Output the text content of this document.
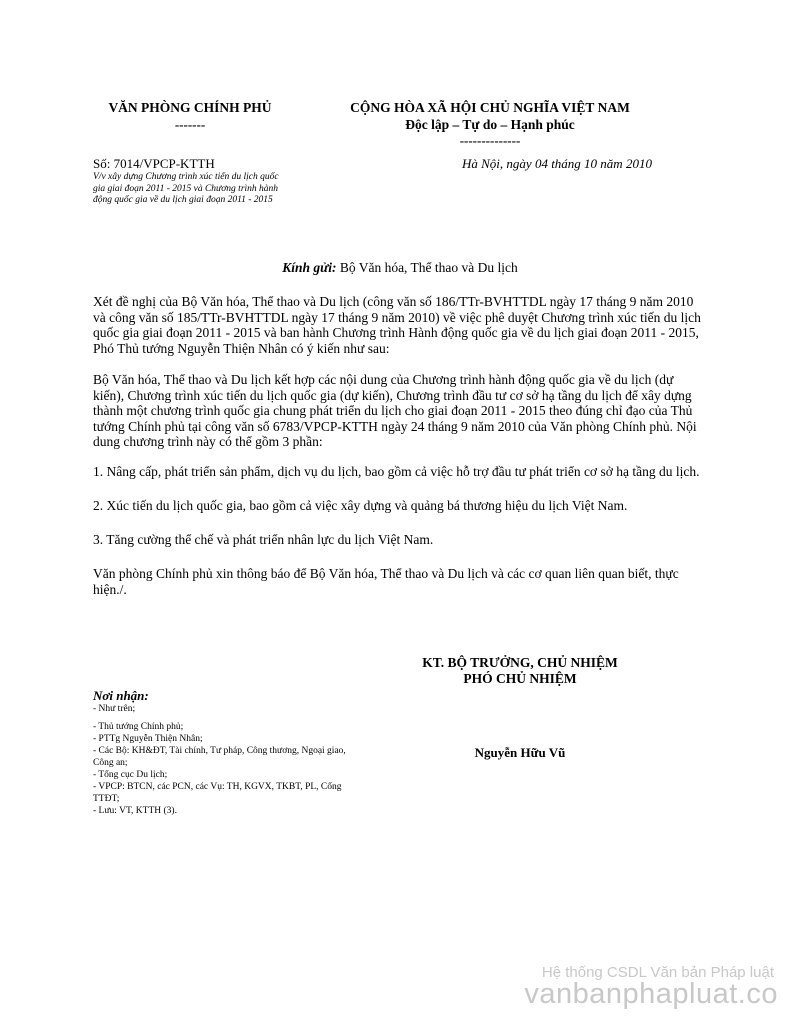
VĂN PHÒNG CHÍNH PHỦ
-------
CỘNG HÒA XÃ HỘI CHỦ NGHĨA VIỆT NAM
Độc lập – Tự do – Hạnh phúc
--------------
Số: 7014/VPCP-KTTH
V/v xây dựng Chương trình xúc tiến du lịch quốc gia giai đoạn 2011 - 2015 và Chương trình hành động quốc gia về du lịch giai đoạn 2011 - 2015
Hà Nội, ngày 04 tháng 10 năm 2010
Kính gửi: Bộ Văn hóa, Thể thao và Du lịch
Xét đề nghị của Bộ Văn hóa, Thể thao và Du lịch (công văn số 186/TTr-BVHTTDL ngày 17 tháng 9 năm 2010 và công văn số 185/TTr-BVHTTDL ngày 17 tháng 9 năm 2010) về việc phê duyệt Chương trình xúc tiến du lịch quốc gia giai đoạn 2011 - 2015 và ban hành Chương trình Hành động quốc gia về du lịch giai đoạn 2011 - 2015, Phó Thủ tướng Nguyễn Thiện Nhân có ý kiến như sau:
Bộ Văn hóa, Thể thao và Du lịch kết hợp các nội dung của Chương trình hành động quốc gia về du lịch (dự kiến), Chương trình xúc tiến du lịch quốc gia (dự kiến), Chương trình đầu tư cơ sở hạ tầng du lịch để xây dựng thành một chương trình quốc gia chung phát triển du lịch cho giai đoạn 2011 - 2015 theo đúng chỉ đạo của Thủ tướng Chính phủ tại công văn số 6783/VPCP-KTTH ngày 24 tháng 9 năm 2010 của Văn phòng Chính phủ. Nội dung chương trình này có thể gồm 3 phần:
1. Nâng cấp, phát triển sản phẩm, dịch vụ du lịch, bao gồm cả việc hỗ trợ đầu tư phát triển cơ sở hạ tầng du lịch.
2. Xúc tiến du lịch quốc gia, bao gồm cả việc xây dựng và quảng bá thương hiệu du lịch Việt Nam.
3. Tăng cường thể chế và phát triển nhân lực du lịch Việt Nam.
Văn phòng Chính phủ xin thông báo để Bộ Văn hóa, Thể thao và Du lịch và các cơ quan liên quan biết, thực hiện./.
KT. BỘ TRƯỞNG, CHỦ NHIỆM
PHÓ CHỦ NHIỆM
Nguyễn Hữu Vũ
Nơi nhận:
- Như trên;
- Thủ tướng Chính phủ;
- PTTg Nguyễn Thiện Nhân;
- Các Bộ: KH&ĐT, Tài chính, Tư pháp, Công thương, Ngoại giao, Công an;
- Tổng cục Du lịch;
- VPCP: BTCN, các PCN, các Vụ: TH, KGVX, TKBT, PL, Cổng TTĐT;
- Lưu: VT, KTTH (3).
Hệ thống CSDL Văn bản Pháp luật
vanbanphapluat.co
